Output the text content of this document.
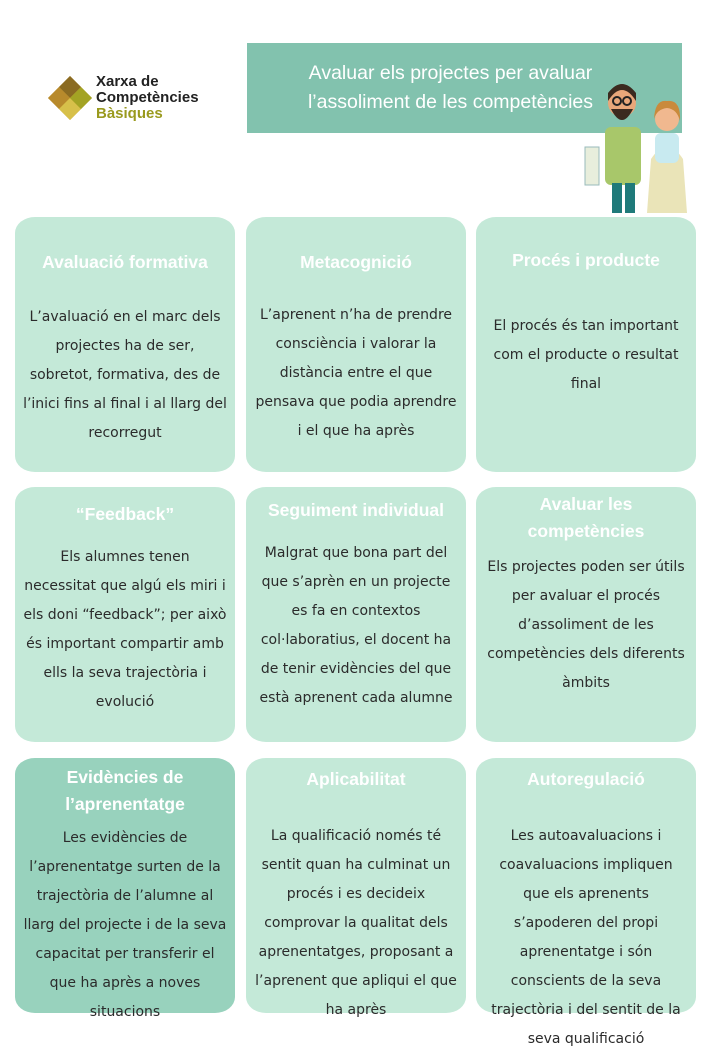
Xarxa de
Competències
Bàsiques
Avaluar els projectes per avaluar l’assoliment de les competències
Avaluació formativa
L’avaluació en el marc dels projectes ha de ser, sobretot, formativa, des de l’inici fins al final i al llarg del recorregut
Metacognició
L’aprenent n’ha de prendre consciència i valorar la distància entre el que pensava que podia aprendre i el que ha après
Procés i producte
El procés és tan important com el producte o resultat final
“Feedback”
Els alumnes tenen necessitat que algú els miri i els doni “feedback”; per això és important compartir amb ells la seva trajectòria i evolució
Seguiment individual
Malgrat que bona part del que s’aprèn en un projecte es fa en contextos col·laboratius, el docent ha de tenir evidències del que està aprenent cada alumne
Avaluar les competències
Els projectes poden ser útils per avaluar el procés d’assoliment de les competències dels diferents àmbits
Evidències de l’aprenentatge
Les evidències de l’aprenentatge surten de la trajectòria de l’alumne al llarg del projecte i de la seva capacitat per transferir el que ha après a noves situacions
Aplicabilitat
La qualificació només té sentit quan ha culminat un procés i es decideix comprovar la qualitat dels aprenentatges, proposant a l’aprenent que apliqui el que ha après
Autoregulació
Les autoavaluacions i coavaluacions impliquen que els aprenents s’apoderen del propi aprenentatge i són conscients de la seva trajectòria i del sentit de la seva qualificació
